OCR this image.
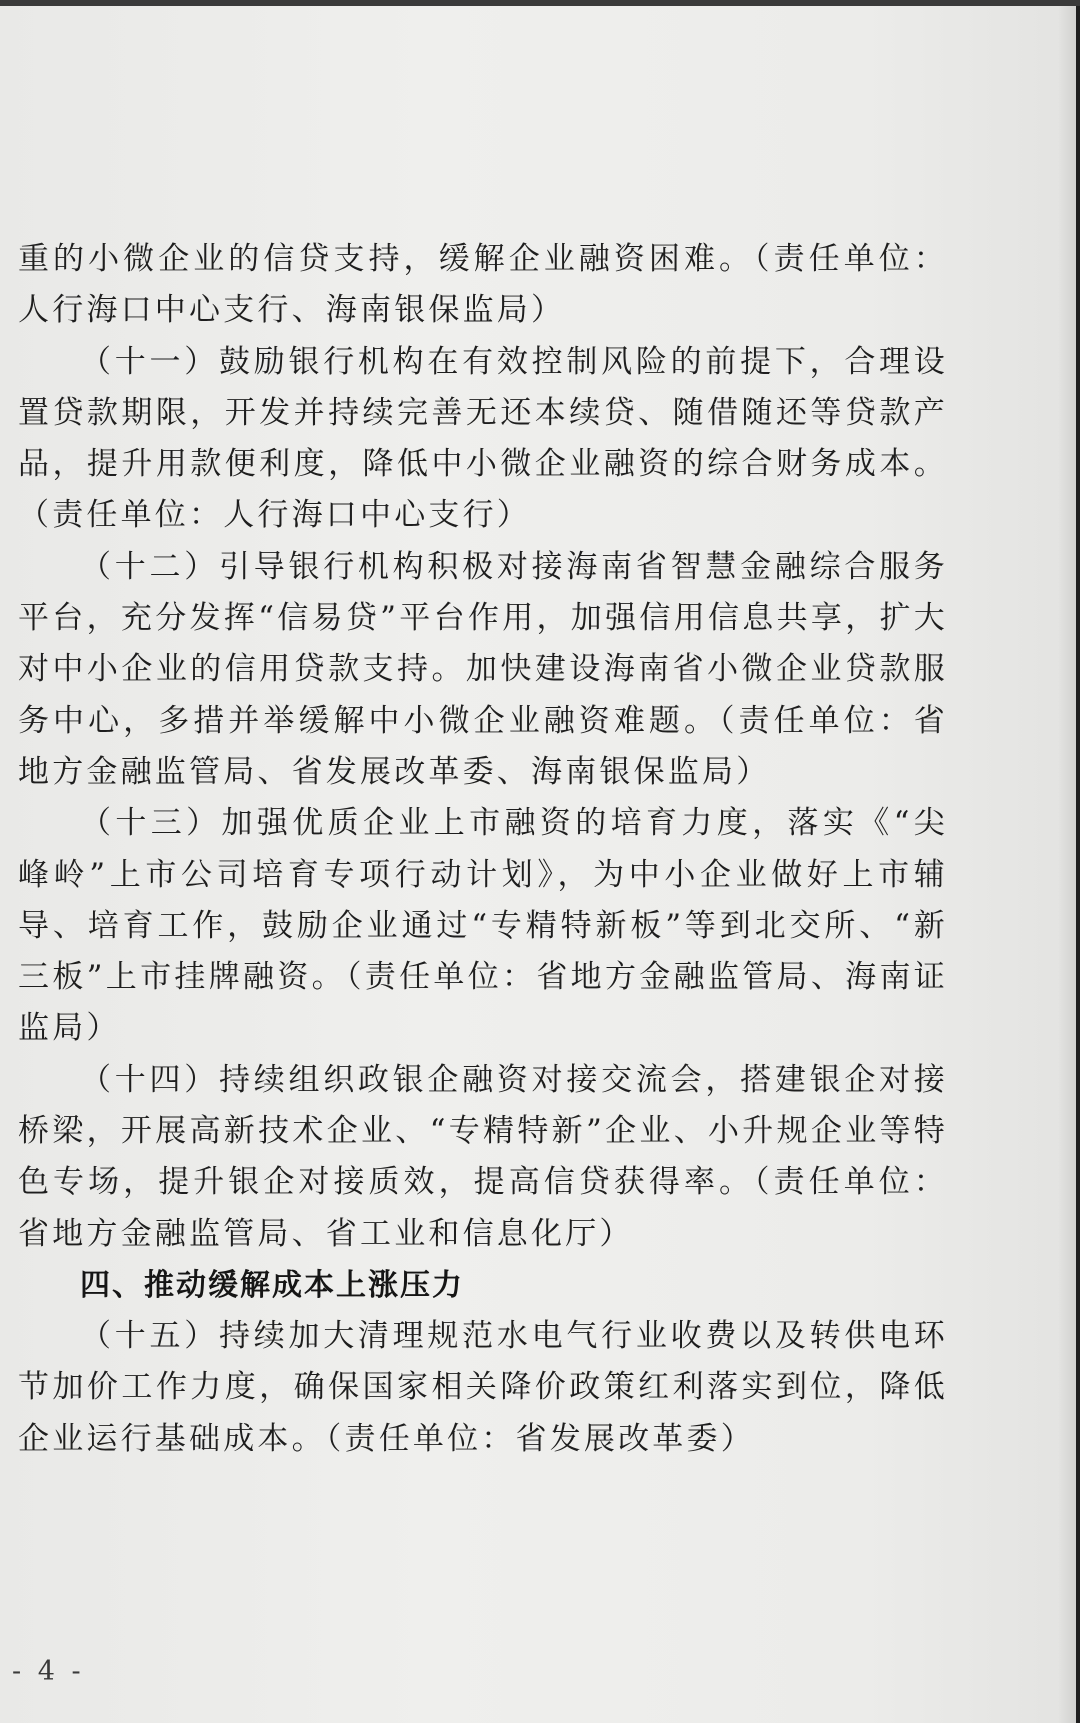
重的小微企业的信贷支持，缓解企业融资困难。（责任单位：人行海口中心支行、海南银保监局）

（十一）鼓励银行机构在有效控制风险的前提下，合理设置贷款期限，开发并持续完善无还本续贷、随借随还等贷款产品，提升用款便利度，降低中小微企业融资的综合财务成本。（责任单位：人行海口中心支行）

（十二）引导银行机构积极对接海南省智慧金融综合服务平台，充分发挥“信易贷”平台作用，加强信用信息共享，扩大对中小企业的信用贷款支持。加快建设海南省小微企业贷款服务中心，多措并举缓解中小微企业融资难题。（责任单位：省地方金融监管局、省发展改革委、海南银保监局）

（十三）加强优质企业上市融资的培育力度，落实《“尖峰岭”上市公司培育专项行动计划》，为中小企业做好上市辅导、培育工作，鼓励企业通过“专精特新板”等到北交所、“新三板”上市挂牌融资。（责任单位：省地方金融监管局、海南证监局）

（十四）持续组织政银企融资对接交流会，搭建银企对接桥梁，开展高新技术企业、“专精特新”企业、小升规企业等特色专场，提升银企对接质效，提高信贷获得率。（责任单位：省地方金融监管局、省工业和信息化厅）

四、推动缓解成本上涨压力

（十五）持续加大清理规范水电气行业收费以及转供电环节加价工作力度，确保国家相关降价政策红利落实到位，降低企业运行基础成本。（责任单位：省发展改革委）

- 4 -
